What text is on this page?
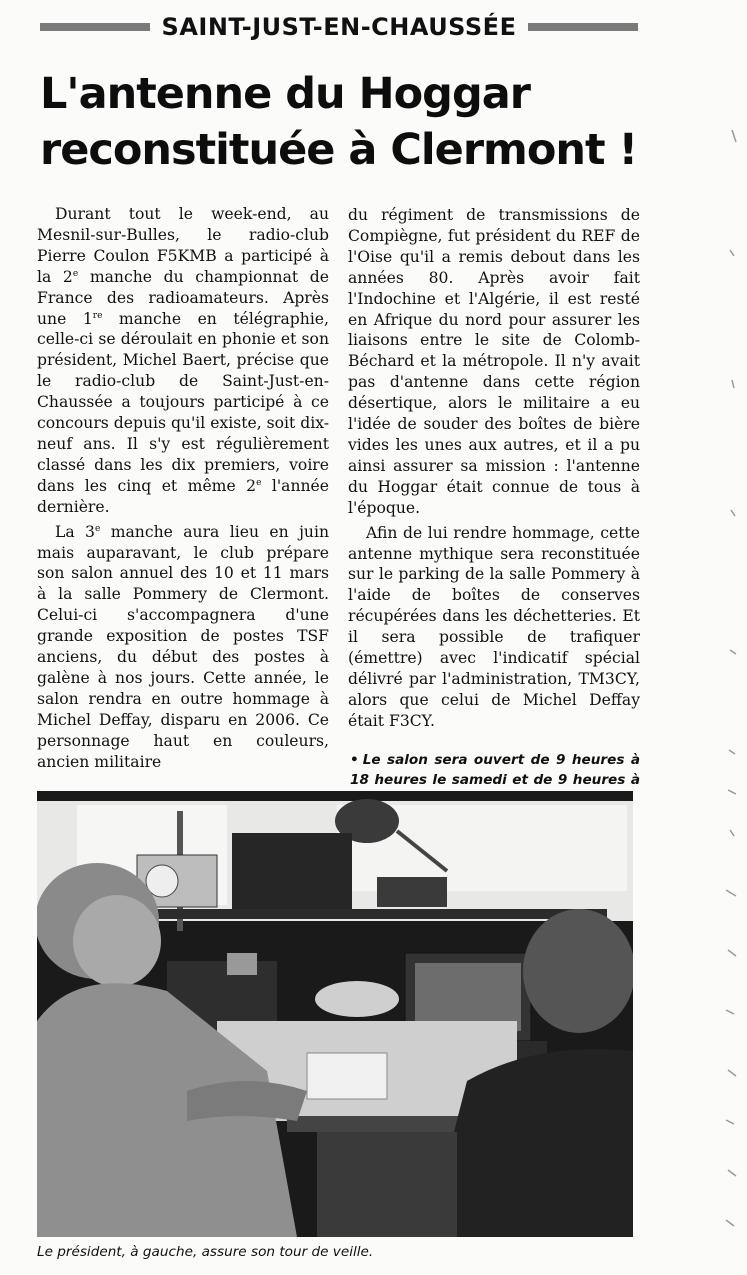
SAINT-JUST-EN-CHAUSSÉE
L'antenne du Hoggar reconstituée à Clermont !

Durant tout le week-end, au Mesnil-sur-Bulles, le radio-club Pierre Coulon F5KMB a participé à la 2e manche du championnat de France des radioamateurs. Après une 1re manche en télégraphie, celle-ci se déroulait en phonie et son président, Michel Baert, précise que le radio-club de Saint-Just-en-Chaussée a toujours participé à ce concours depuis qu'il existe, soit dix-neuf ans. Il s'y est régulièrement classé dans les dix premiers, voire dans les cinq et même 2e l'année dernière.

La 3e manche aura lieu en juin mais auparavant, le club prépare son salon annuel des 10 et 11 mars à la salle Pommery de Clermont. Celui-ci s'accompagnera d'une grande exposition de postes TSF anciens, du début des postes à galène à nos jours. Cette année, le salon rendra en outre hommage à Michel Deffay, disparu en 2006. Ce personnage haut en couleurs, ancien militaire

du régiment de transmissions de Compiègne, fut président du REF de l'Oise qu'il a remis debout dans les années 80. Après avoir fait l'Indochine et l'Algérie, il est resté en Afrique du nord pour assurer les liaisons entre le site de Colomb-Béchard et la métropole. Il n'y avait pas d'antenne dans cette région désertique, alors le militaire a eu l'idée de souder des boîtes de bière vides les unes aux autres, et il a pu ainsi assurer sa mission : l'antenne du Hoggar était connue de tous à l'époque.

Afin de lui rendre hommage, cette antenne mythique sera reconstituée sur le parking de la salle Pommery à l'aide de boîtes de conserves récupérées dans les déchetteries. Et il sera possible de trafiquer (émettre) avec l'indicatif spécial délivré par l'administration, TM3CY, alors que celui de Michel Deffay était F3CY.

• Le salon sera ouvert de 9 heures à 18 heures le samedi et de 9 heures à
Le président, à gauche, assure son tour de veille.
